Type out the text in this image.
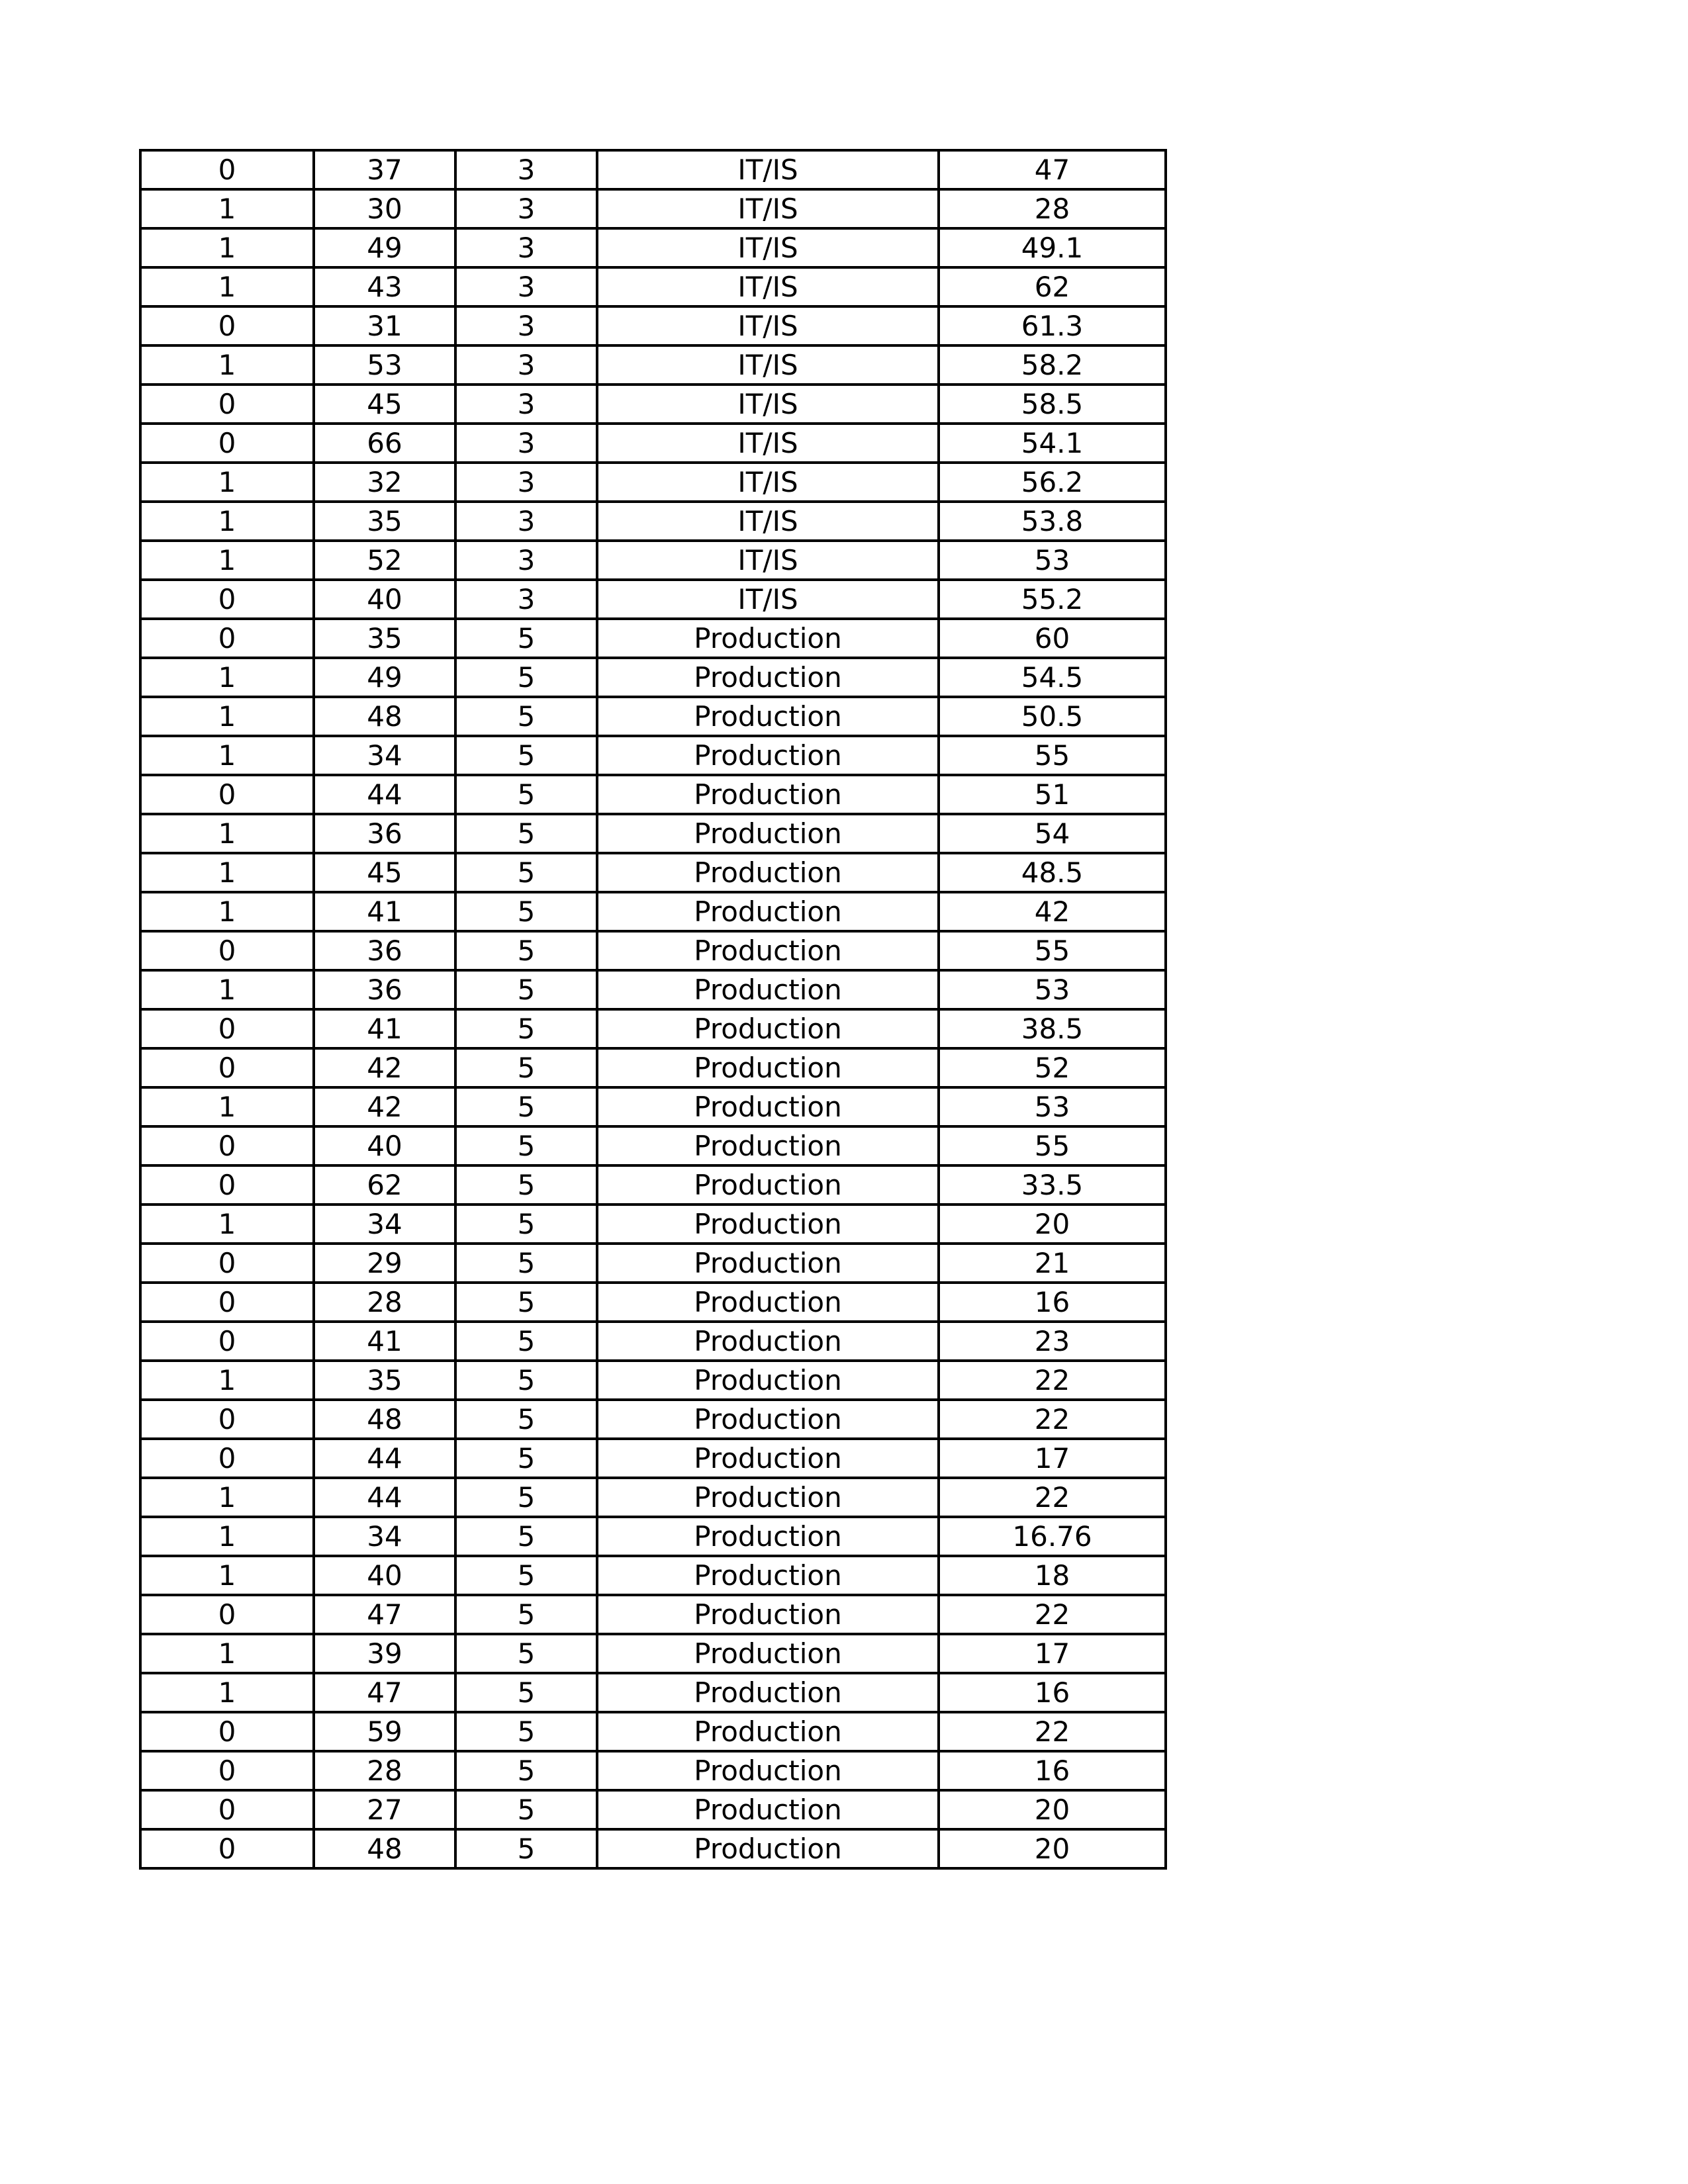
0	37	3	IT/IS	47
1	30	3	IT/IS	28
1	49	3	IT/IS	49.1
1	43	3	IT/IS	62
0	31	3	IT/IS	61.3
1	53	3	IT/IS	58.2
0	45	3	IT/IS	58.5
0	66	3	IT/IS	54.1
1	32	3	IT/IS	56.2
1	35	3	IT/IS	53.8
1	52	3	IT/IS	53
0	40	3	IT/IS	55.2
0	35	5	Production	60
1	49	5	Production	54.5
1	48	5	Production	50.5
1	34	5	Production	55
0	44	5	Production	51
1	36	5	Production	54
1	45	5	Production	48.5
1	41	5	Production	42
0	36	5	Production	55
1	36	5	Production	53
0	41	5	Production	38.5
0	42	5	Production	52
1	42	5	Production	53
0	40	5	Production	55
0	62	5	Production	33.5
1	34	5	Production	20
0	29	5	Production	21
0	28	5	Production	16
0	41	5	Production	23
1	35	5	Production	22
0	48	5	Production	22
0	44	5	Production	17
1	44	5	Production	22
1	34	5	Production	16.76
1	40	5	Production	18
0	47	5	Production	22
1	39	5	Production	17
1	47	5	Production	16
0	59	5	Production	22
0	28	5	Production	16
0	27	5	Production	20
0	48	5	Production	20
